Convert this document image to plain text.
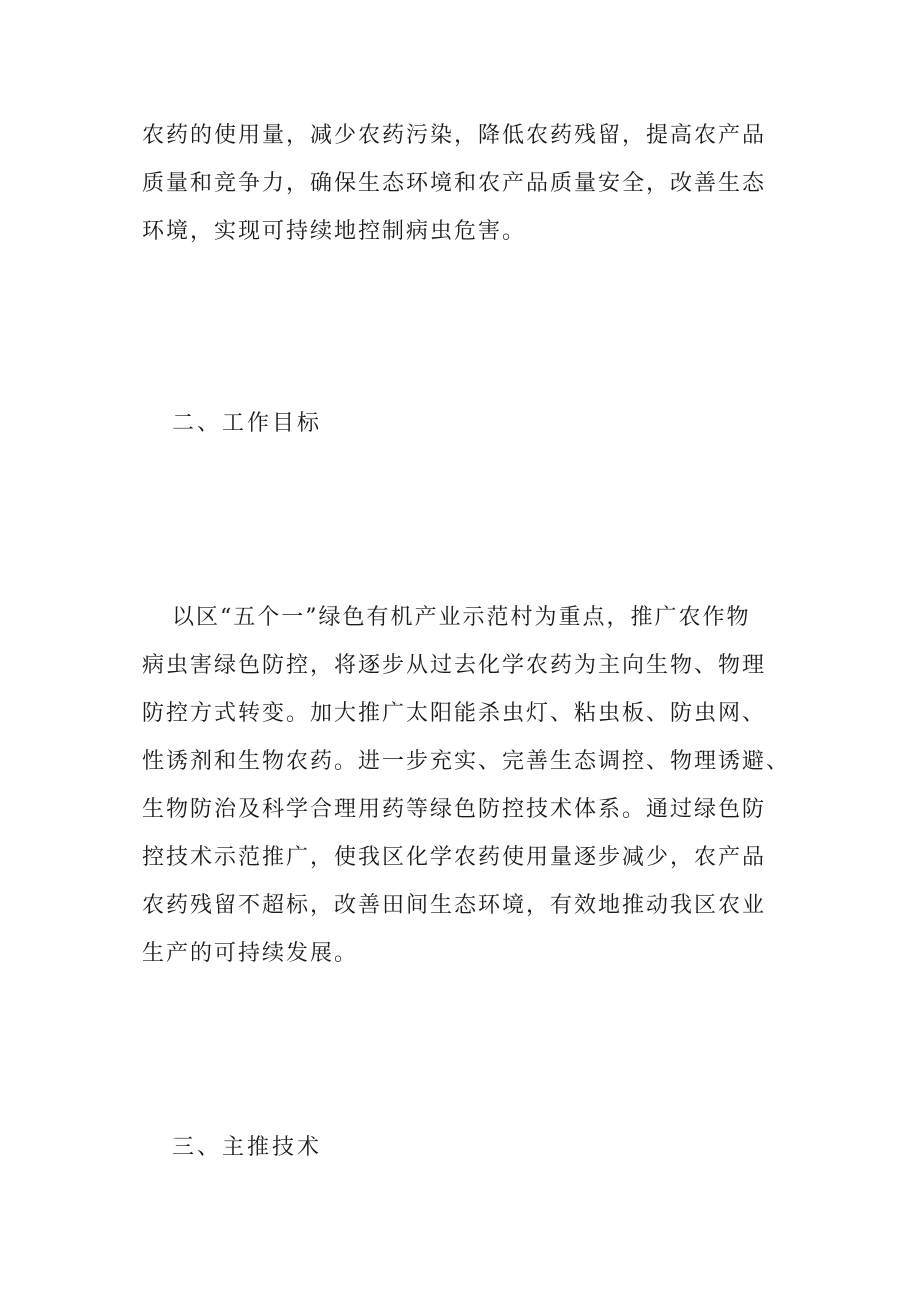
农药的使用量，减少农药污染，降低农药残留，提高农产品
质量和竞争力，确保生态环境和农产品质量安全，改善生态
环境，实现可持续地控制病虫危害。

二、工作目标

以区“五个一”绿色有机产业示范村为重点，推广农作物
病虫害绿色防控，将逐步从过去化学农药为主向生物、物理
防控方式转变。加大推广太阳能杀虫灯、粘虫板、防虫网、
性诱剂和生物农药。进一步充实、完善生态调控、物理诱避、
生物防治及科学合理用药等绿色防控技术体系。通过绿色防
控技术示范推广，使我区化学农药使用量逐步减少，农产品
农药残留不超标，改善田间生态环境，有效地推动我区农业
生产的可持续发展。

三、主推技术
